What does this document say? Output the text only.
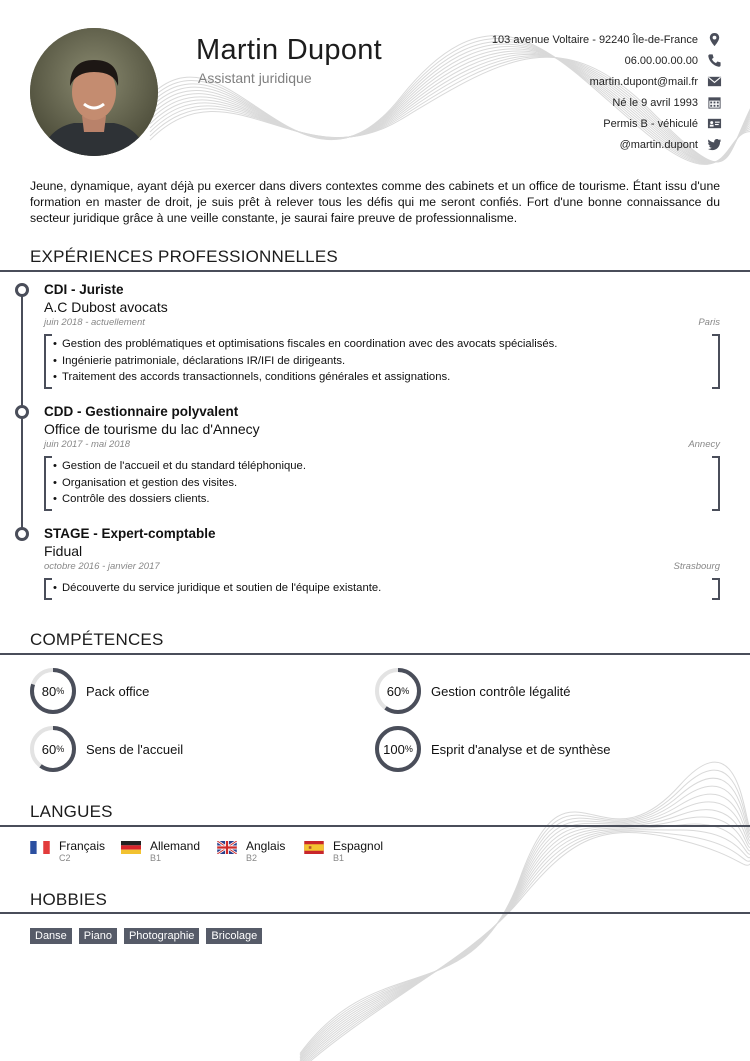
Martin Dupont
Assistant juridique
103 avenue Voltaire - 92240 Île-de-France
06.00.00.00.00
martin.dupont@mail.fr
Né le 9 avril 1993
Permis B - véhiculé
@martin.dupont
Jeune, dynamique, ayant déjà pu exercer dans divers contextes comme des cabinets et un office de tourisme. Étant issu d'une formation en master de droit, je suis prêt à relever tous les défis qui me seront confiés. Fort d'une bonne connaissance du secteur juridique grâce à une veille constante, je saurai faire preuve de professionnalisme.
EXPÉRIENCES PROFESSIONNELLES
CDI - Juriste
A.C Dubost avocats
juin 2018 - actuellement	Paris
• Gestion des problématiques et optimisations fiscales en coordination avec des avocats spécialisés.
• Ingénierie patrimoniale, déclarations IR/IFI de dirigeants.
• Traitement des accords transactionnels, conditions générales et assignations.
CDD - Gestionnaire polyvalent
Office de tourisme du lac d'Annecy
juin 2017 - mai 2018	Annecy
• Gestion de l'accueil et du standard téléphonique.
• Organisation et gestion des visites.
• Contrôle des dossiers clients.
STAGE - Expert-comptable
Fidual
octobre 2016 - janvier 2017	Strasbourg
• Découverte du service juridique et soutien de l'équipe existante.
COMPÉTENCES
80 % Pack office	60 % Gestion contrôle légalité
60 % Sens de l'accueil	100 % Esprit d'analyse et de synthèse
LANGUES
Français
C2
Allemand
B1
Anglais
B2
Espagnol
B1
HOBBIES
Danse	Piano	Photographie	Bricolage
